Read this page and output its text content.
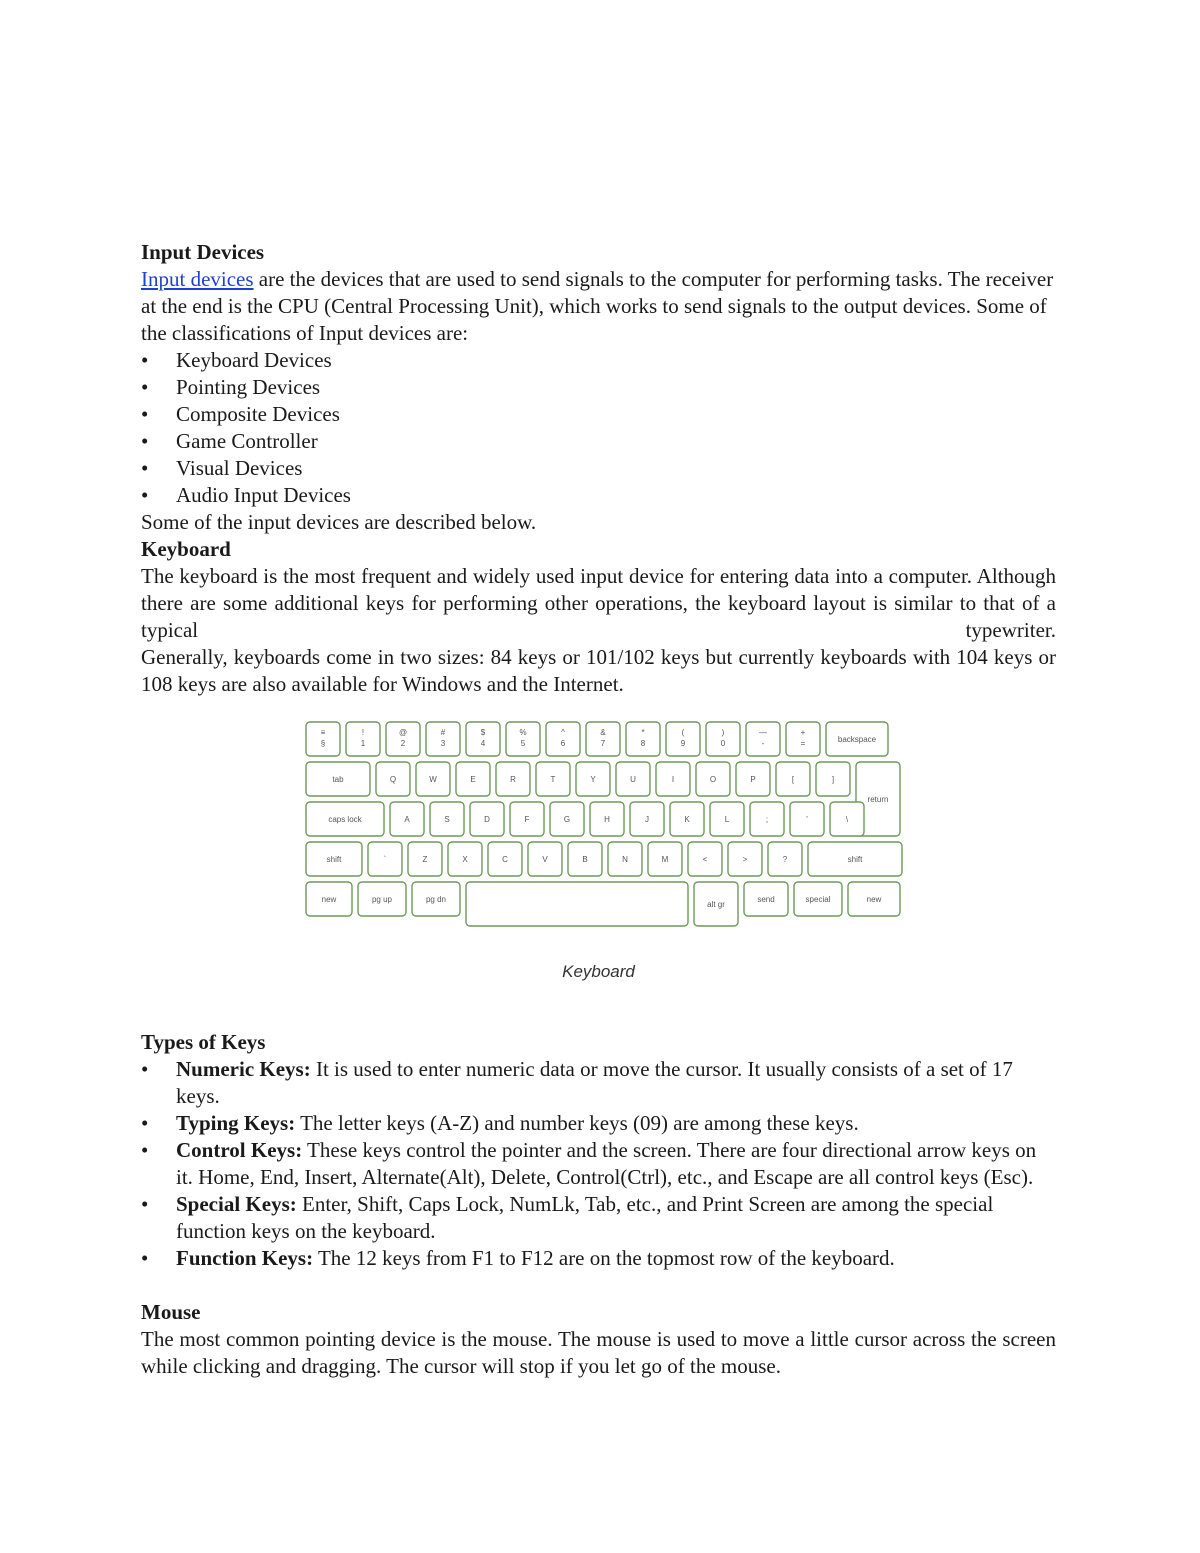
Input Devices

Input devices are the devices that are used to send signals to the computer for performing tasks. The receiver at the end is the CPU (Central Processing Unit), which works to send signals to the output devices. Some of the classifications of Input devices are:

•	Keyboard Devices
•	Pointing Devices
•	Composite Devices
•	Game Controller
•	Visual Devices
•	Audio Input Devices

Some of the input devices are described below.

Keyboard

The keyboard is the most frequent and widely used input device for entering data into a computer. Although there are some additional keys for performing other operations, the keyboard layout is similar to that of a typical typewriter.

Generally, keyboards come in two sizes: 84 keys or 101/102 keys but currently keyboards with 104 keys or 108 keys are also available for Windows and the Internet.

≡
§
!
1
@
2
#
3
$
4
%
5
^
6
&
7
*
8
(
9
)
0
—
-
+
=	backspace
tab	Q	W	E	R	T	Y	U	I	O	P	[	]
return
caps lock	A	S	D	F	G	H	J	K	L	;	'	\
shift	`	Z	X	C	V	B	N	M	<	>	?	shift
new	pg up	pg dn
alt gr
send	special	new
Keyboard
Types of Keys
•	Numeric Keys: It is used to enter numeric data or move the cursor. It usually consists of a set of 17 keys.
•	Typing Keys: The letter keys (A-Z) and number keys (09) are among these keys.
•	Control Keys: These keys control the pointer and the screen. There are four directional arrow keys on it. Home, End, Insert, Alternate(Alt), Delete, Control(Ctrl), etc., and Escape are all control keys (Esc).
•	Special Keys: Enter, Shift, Caps Lock, NumLk, Tab, etc., and Print Screen are among the special function keys on the keyboard.
•	Function Keys: The 12 keys from F1 to F12 are on the topmost row of the keyboard.
Mouse

The most common pointing device is the mouse. The mouse is used to move a little cursor across the screen while clicking and dragging. The cursor will stop if you let go of the mouse.
